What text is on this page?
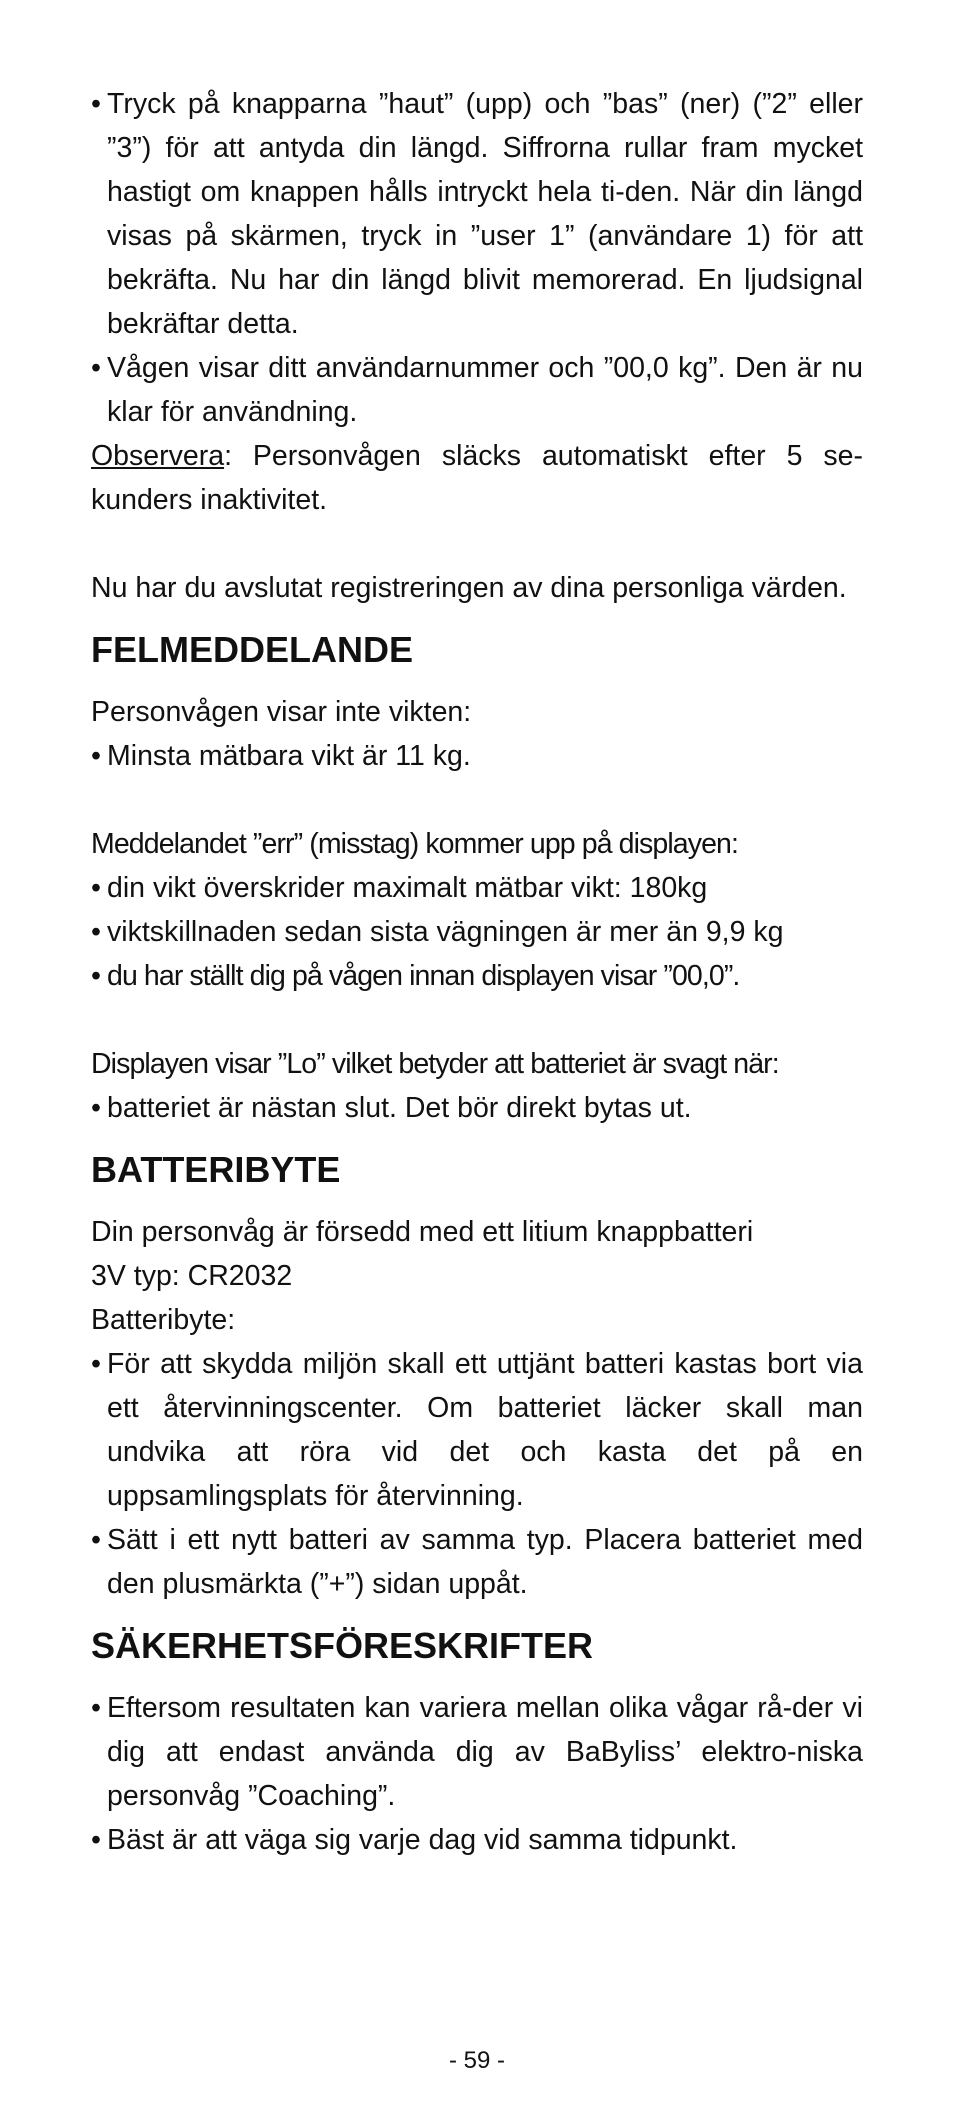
• Tryck på knapparna ”haut” (upp) och ”bas” (ner) (”2” eller ”3”) för att antyda din längd. Siffrorna rullar fram mycket hastigt om knappen hålls intryckt hela ti-den. När din längd visas på skärmen, tryck in ”user 1” (användare 1) för att bekräfta. Nu har din längd blivit memorerad. En ljudsignal bekräftar detta.

• Vågen visar ditt användarnummer och ”00,0 kg”. Den är nu klar för användning.

Observera: Personvågen släcks automatiskt efter 5 se-kunders inaktivitet.

Nu har du avslutat registreringen av dina personliga värden.

FELMEDDELANDE

Personvågen visar inte vikten:

• Minsta mätbara vikt är 11 kg.

Meddelandet ”err” (misstag) kommer upp på displayen:

• din vikt överskrider maximalt mätbar vikt: 180kg

• viktskillnaden sedan sista vägningen är mer än 9,9 kg

• du har ställt dig på vågen innan displayen visar ”00,0”.

Displayen visar ”Lo” vilket betyder att batteriet är svagt när:

• batteriet är nästan slut. Det bör direkt bytas ut.

BATTERIBYTE

Din personvåg är försedd med ett litium knappbatteri

3V typ: CR2032

Batteribyte:

• För att skydda miljön skall ett uttjänt batteri kastas bort via ett återvinningscenter. Om batteriet läcker skall man undvika att röra vid det och kasta det på en uppsamlingsplats för återvinning.

• Sätt i ett nytt batteri av samma typ. Placera batteriet med den plusmärkta (”+”) sidan uppåt.

SÄKERHETSFÖRESKRIFTER

• Eftersom resultaten kan variera mellan olika vågar rå-der vi dig att endast använda dig av BaByliss’ elektro-niska personvåg ”Coaching”.

• Bäst är att väga sig varje dag vid samma tidpunkt.

- 59 -
